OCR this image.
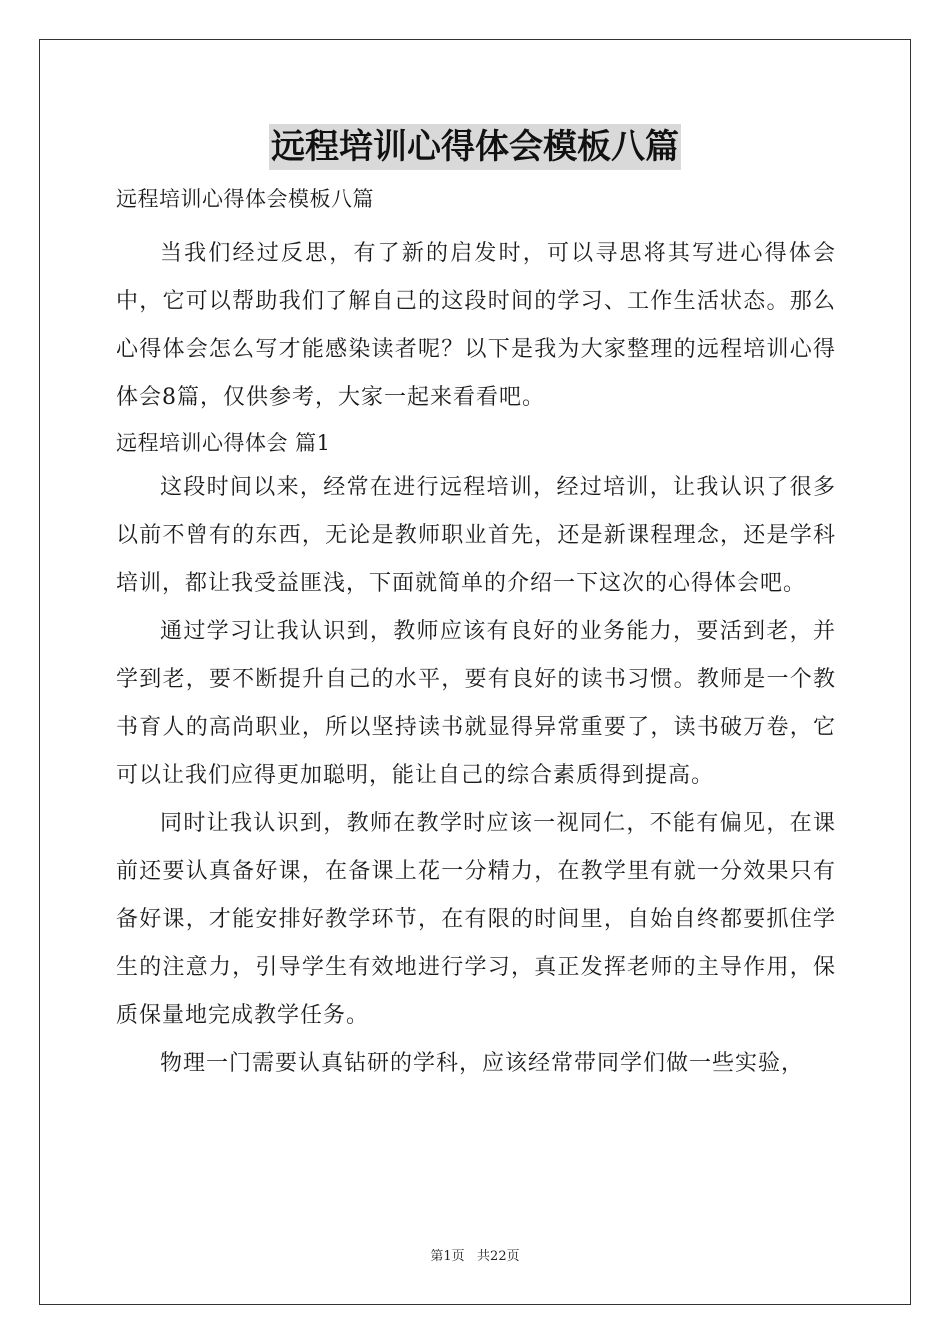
远程培训心得体会模板八篇

远程培训心得体会模板八篇

当我们经过反思，有了新的启发时，可以寻思将其写进心得体会中，它可以帮助我们了解自己的这段时间的学习、工作生活状态。那么心得体会怎么写才能感染读者呢？以下是我为大家整理的远程培训心得体会8篇，仅供参考，大家一起来看看吧。

远程培训心得体会 篇1

这段时间以来，经常在进行远程培训，经过培训，让我认识了很多以前不曾有的东西，无论是教师职业首先，还是新课程理念，还是学科培训，都让我受益匪浅，下面就简单的介绍一下这次的心得体会吧。

通过学习让我认识到，教师应该有良好的业务能力，要活到老，并学到老，要不断提升自己的水平，要有良好的读书习惯。教师是一个教书育人的高尚职业，所以坚持读书就显得异常重要了，读书破万卷，它可以让我们应得更加聪明，能让自己的综合素质得到提高。

同时让我认识到，教师在教学时应该一视同仁，不能有偏见，在课前还要认真备好课，在备课上花一分精力，在教学里有就一分效果只有备好课，才能安排好教学环节，在有限的时间里，自始自终都要抓住学生的注意力，引导学生有效地进行学习，真正发挥老师的主导作用，保质保量地完成教学任务。

物理一门需要认真钻研的学科，应该经常带同学们做一些实验，

第1页   共22页
